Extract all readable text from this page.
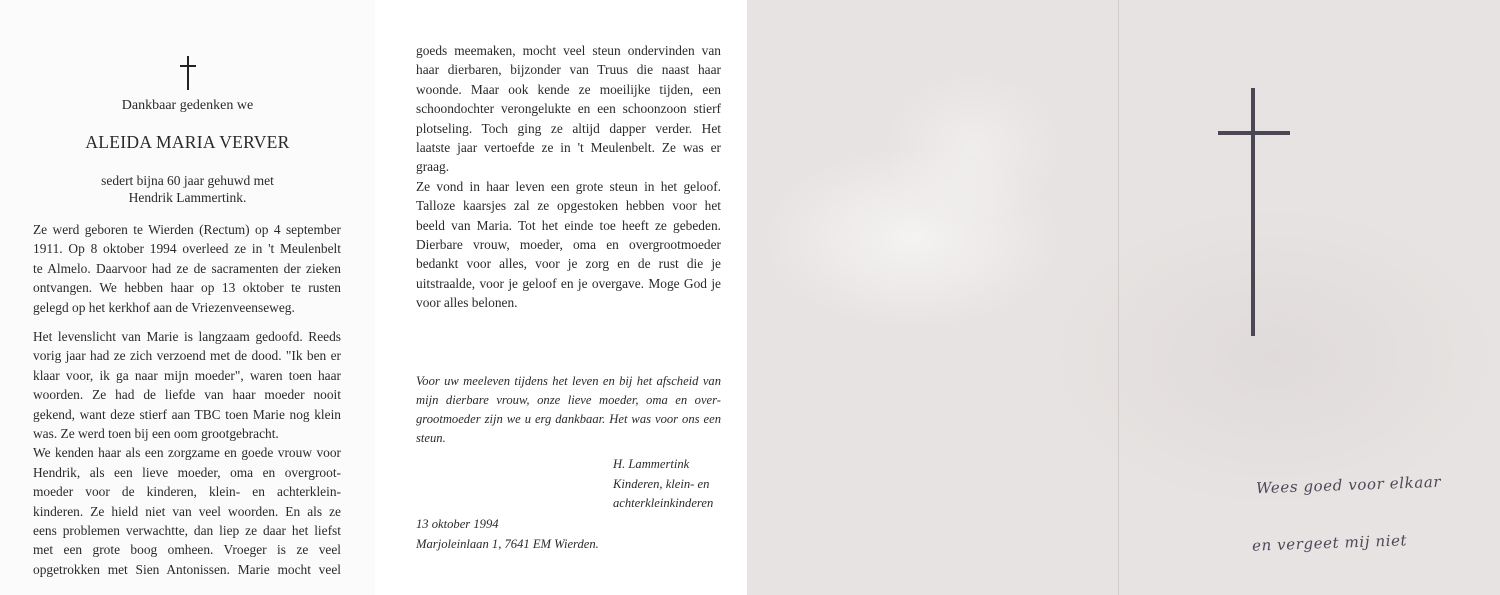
Dankbaar gedenken we
ALEIDA MARIA VERVER
sedert bijna 60 jaar gehuwd met
Hendrik Lammertink.
Ze werd geboren te Wierden (Rectum) op 4 september
1911. Op 8 oktober 1994 overleed ze in 't Meulenbelt
te Almelo. Daarvoor had ze de sacramenten der zieken
ontvangen. We hebben haar op 13 oktober te rusten
gelegd op het kerkhof aan de Vriezenveenseweg.
Het levenslicht van Marie is langzaam gedoofd. Reeds
vorig jaar had ze zich verzoend met de dood. "Ik ben er
klaar voor, ik ga naar mijn moeder", waren toen haar
woorden. Ze had de liefde van haar moeder nooit
gekend, want deze stierf aan TBC toen Marie nog klein
was. Ze werd toen bij een oom grootgebracht.
We kenden haar als een zorgzame en goede vrouw voor
Hendrik, als een lieve moeder, oma en overgroot-
moeder voor de kinderen, klein- en achterklein-
kinderen. Ze hield niet van veel woorden. En als ze
eens problemen verwachtte, dan liep ze daar het liefst
met een grote boog omheen. Vroeger is ze veel
opgetrokken met Sien Antonissen. Marie mocht veel
goeds meemaken, mocht veel steun ondervinden van
haar dierbaren, bijzonder van Truus die naast haar
woonde. Maar ook kende ze moeilijke tijden, een
schoondochter verongelukte en een schoonzoon stierf
plotseling. Toch ging ze altijd dapper verder. Het
laatste jaar vertoefde ze in 't Meulenbelt. Ze was er
graag.
Ze vond in haar leven een grote steun in het geloof.
Talloze kaarsjes zal ze opgestoken hebben voor het
beeld van Maria. Tot het einde toe heeft ze gebeden.
Dierbare vrouw, moeder, oma en overgrootmoeder
bedankt voor alles, voor je zorg en de rust die je
uitstraalde, voor je geloof en je overgave. Moge God je
voor alles belonen.
Voor uw meeleven tijdens het leven en bij het afscheid van
mijn dierbare vrouw, onze lieve moeder, oma en over-
grootmoeder zijn we u erg dankbaar. Het was voor ons een
steun.
H. Lammertink
Kinderen, klein- en
achterkleinkinderen
13 oktober 1994
Marjoleinlaan 1, 7641 EM Wierden.
Wees goed voor elkaar
en vergeet mij niet
